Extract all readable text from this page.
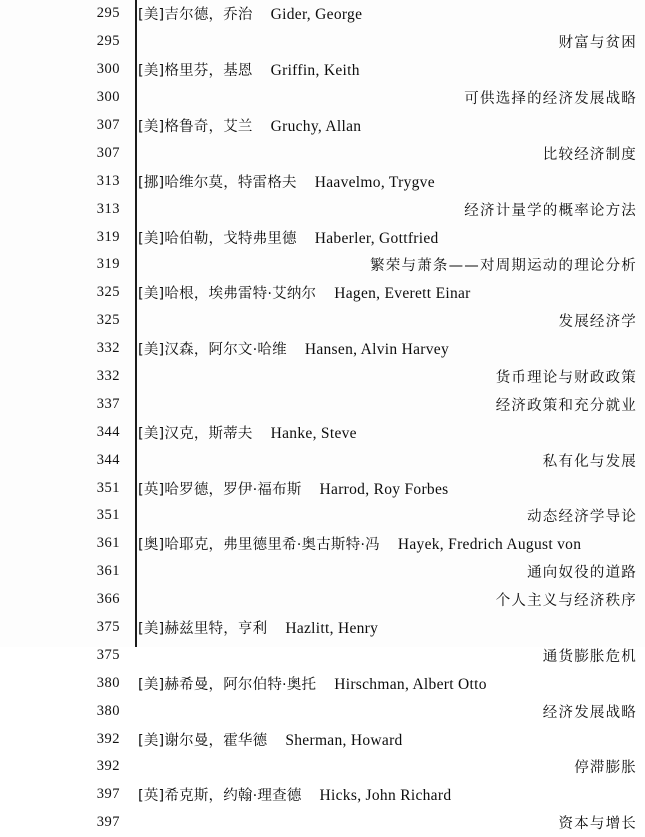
295 [美]吉尔德，乔治 Gider, George
295	财富与贫困
300 [美]格里芬，基恩 Griffin, Keith
300	可供选择的经济发展战略
307 [美]格鲁奇，艾兰 Gruchy, Allan
307	比较经济制度
313 [挪]哈维尔莫，特雷格夫 Haavelmo, Trygve
313	经济计量学的概率论方法
319 [美]哈伯勒，戈特弗里德 Haberler, Gottfried
319	繁荣与萧条——对周期运动的理论分析
325 [美]哈根，埃弗雷特·艾纳尔 Hagen, Everett Einar
325	发展经济学
332 [美]汉森，阿尔文·哈维 Hansen, Alvin Harvey
332	货币理论与财政政策
337	经济政策和充分就业
344 [美]汉克，斯蒂夫 Hanke, Steve
344	私有化与发展
351 [英]哈罗德，罗伊·福布斯 Harrod, Roy Forbes
351	动态经济学导论
361 [奥]哈耶克，弗里德里希·奥古斯特·冯 Hayek, Fredrich August von
361	通向奴役的道路
366	个人主义与经济秩序
375 [美]赫兹里特，亨利 Hazlitt, Henry
375	通货膨胀危机
380 [美]赫希曼，阿尔伯特·奥托 Hirschman, Albert Otto
380	经济发展战略
392 [美]谢尔曼，霍华德 Sherman, Howard
392	停滞膨胀
397 [英]希克斯，约翰·理查德 Hicks, John Richard
397	资本与增长
